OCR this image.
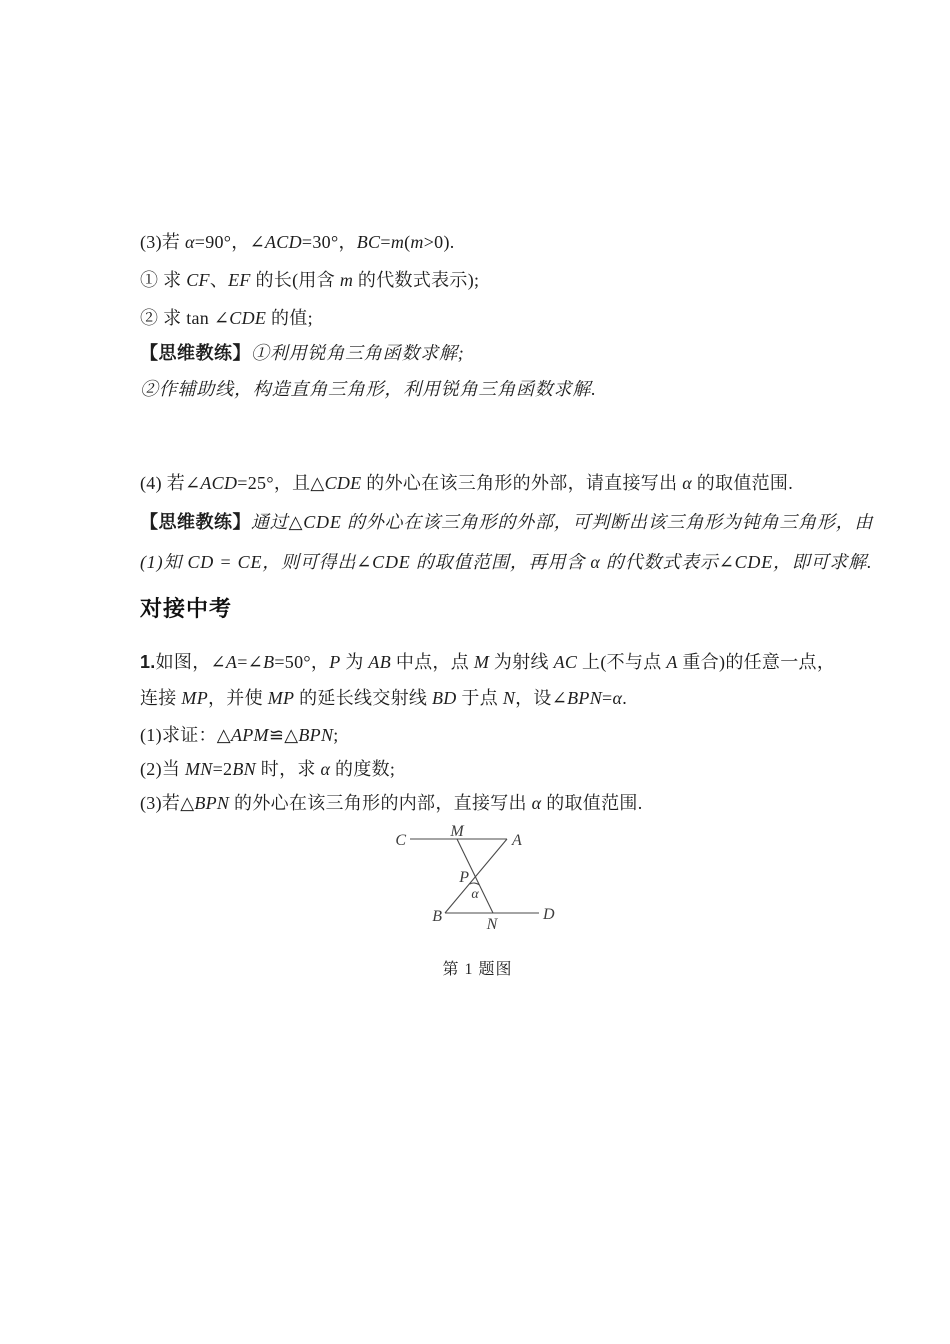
(3)若 α=90°，∠ACD=30°，BC=m(m>0).

① 求 CF、EF 的长(用含 m 的代数式表示);

② 求 tan ∠CDE 的值;

【思维教练】①利用锐角三角函数求解;

②作辅助线，构造直角三角形，利用锐角三角函数求解.

(4) 若∠ACD=25°，且△CDE 的外心在该三角形的外部，请直接写出 α 的取值范围.

【思维教练】通过△CDE 的外心在该三角形的外部，可判断出该三角形为钝角三角形，由

(1)知 CD = CE，则可得出∠CDE 的取值范围，再用含 α 的代数式表示∠CDE，即可求解.

对接中考

1.如图，∠A=∠B=50°，P 为 AB 中点，点 M 为射线 AC 上(不与点 A 重合)的任意一点，

连接 MP，并使 MP 的延长线交射线 BD 于点 N，设∠BPN=α.

(1)求证：△APM≌△BPN;

(2)当 MN=2BN 时，求 α 的度数;

(3)若△BPN 的外心在该三角形的内部，直接写出 α 的取值范围.

C
M
A
P
α
B	N
D

第 1 题图
